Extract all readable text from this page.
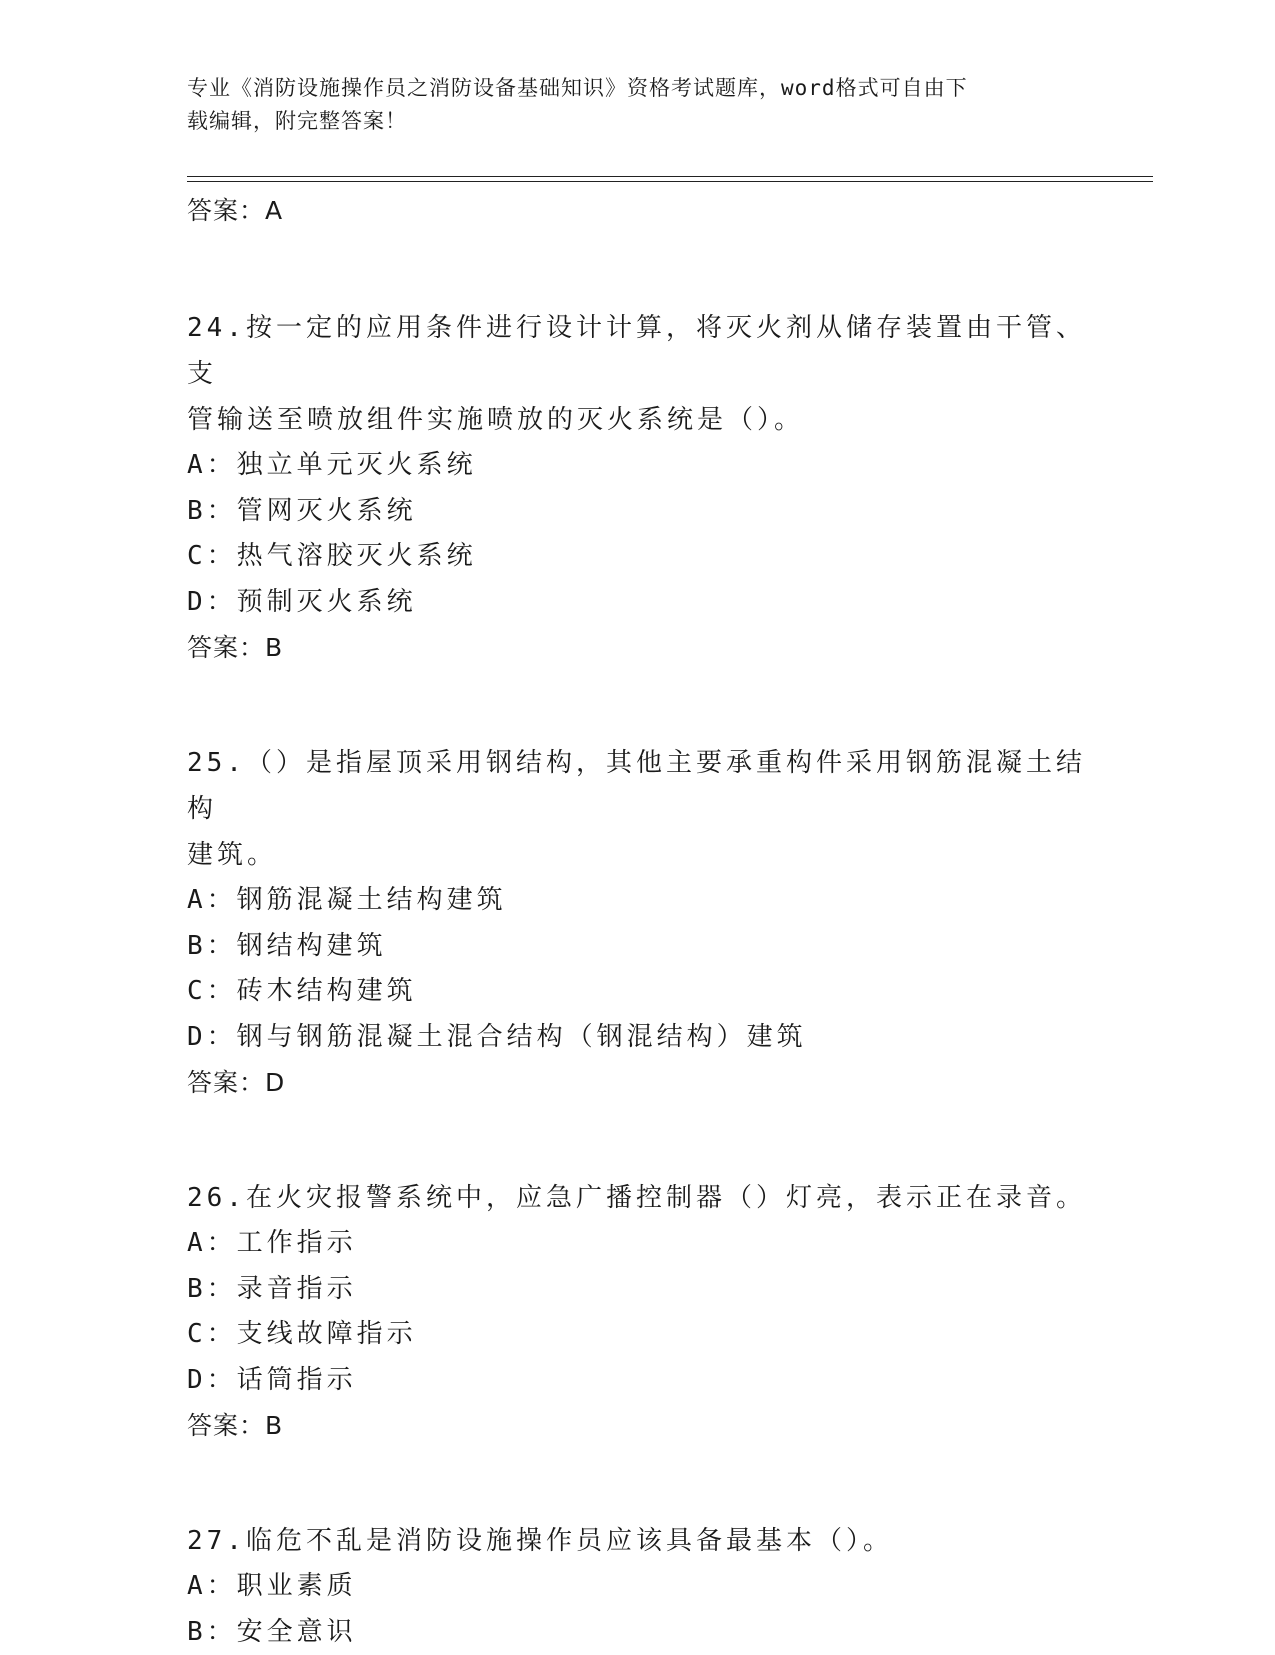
专业《消防设施操作员之消防设备基础知识》资格考试题库，word格式可自由下
载编辑，附完整答案！
答案：A
24.按一定的应用条件进行设计计算，将灭火剂从储存装置由干管、支
管输送至喷放组件实施喷放的灭火系统是（）。
A：独立单元灭火系统
B：管网灭火系统
C：热气溶胶灭火系统
D：预制灭火系统
答案：B
25.（）是指屋顶采用钢结构，其他主要承重构件采用钢筋混凝土结构
建筑。
A：钢筋混凝土结构建筑
B：钢结构建筑
C：砖木结构建筑
D：钢与钢筋混凝土混合结构（钢混结构）建筑
答案：D
26.在火灾报警系统中，应急广播控制器（）灯亮，表示正在录音。
A：工作指示
B：录音指示
C：支线故障指示
D：话筒指示
答案：B
27.临危不乱是消防设施操作员应该具备最基本（）。
A：职业素质
B：安全意识
